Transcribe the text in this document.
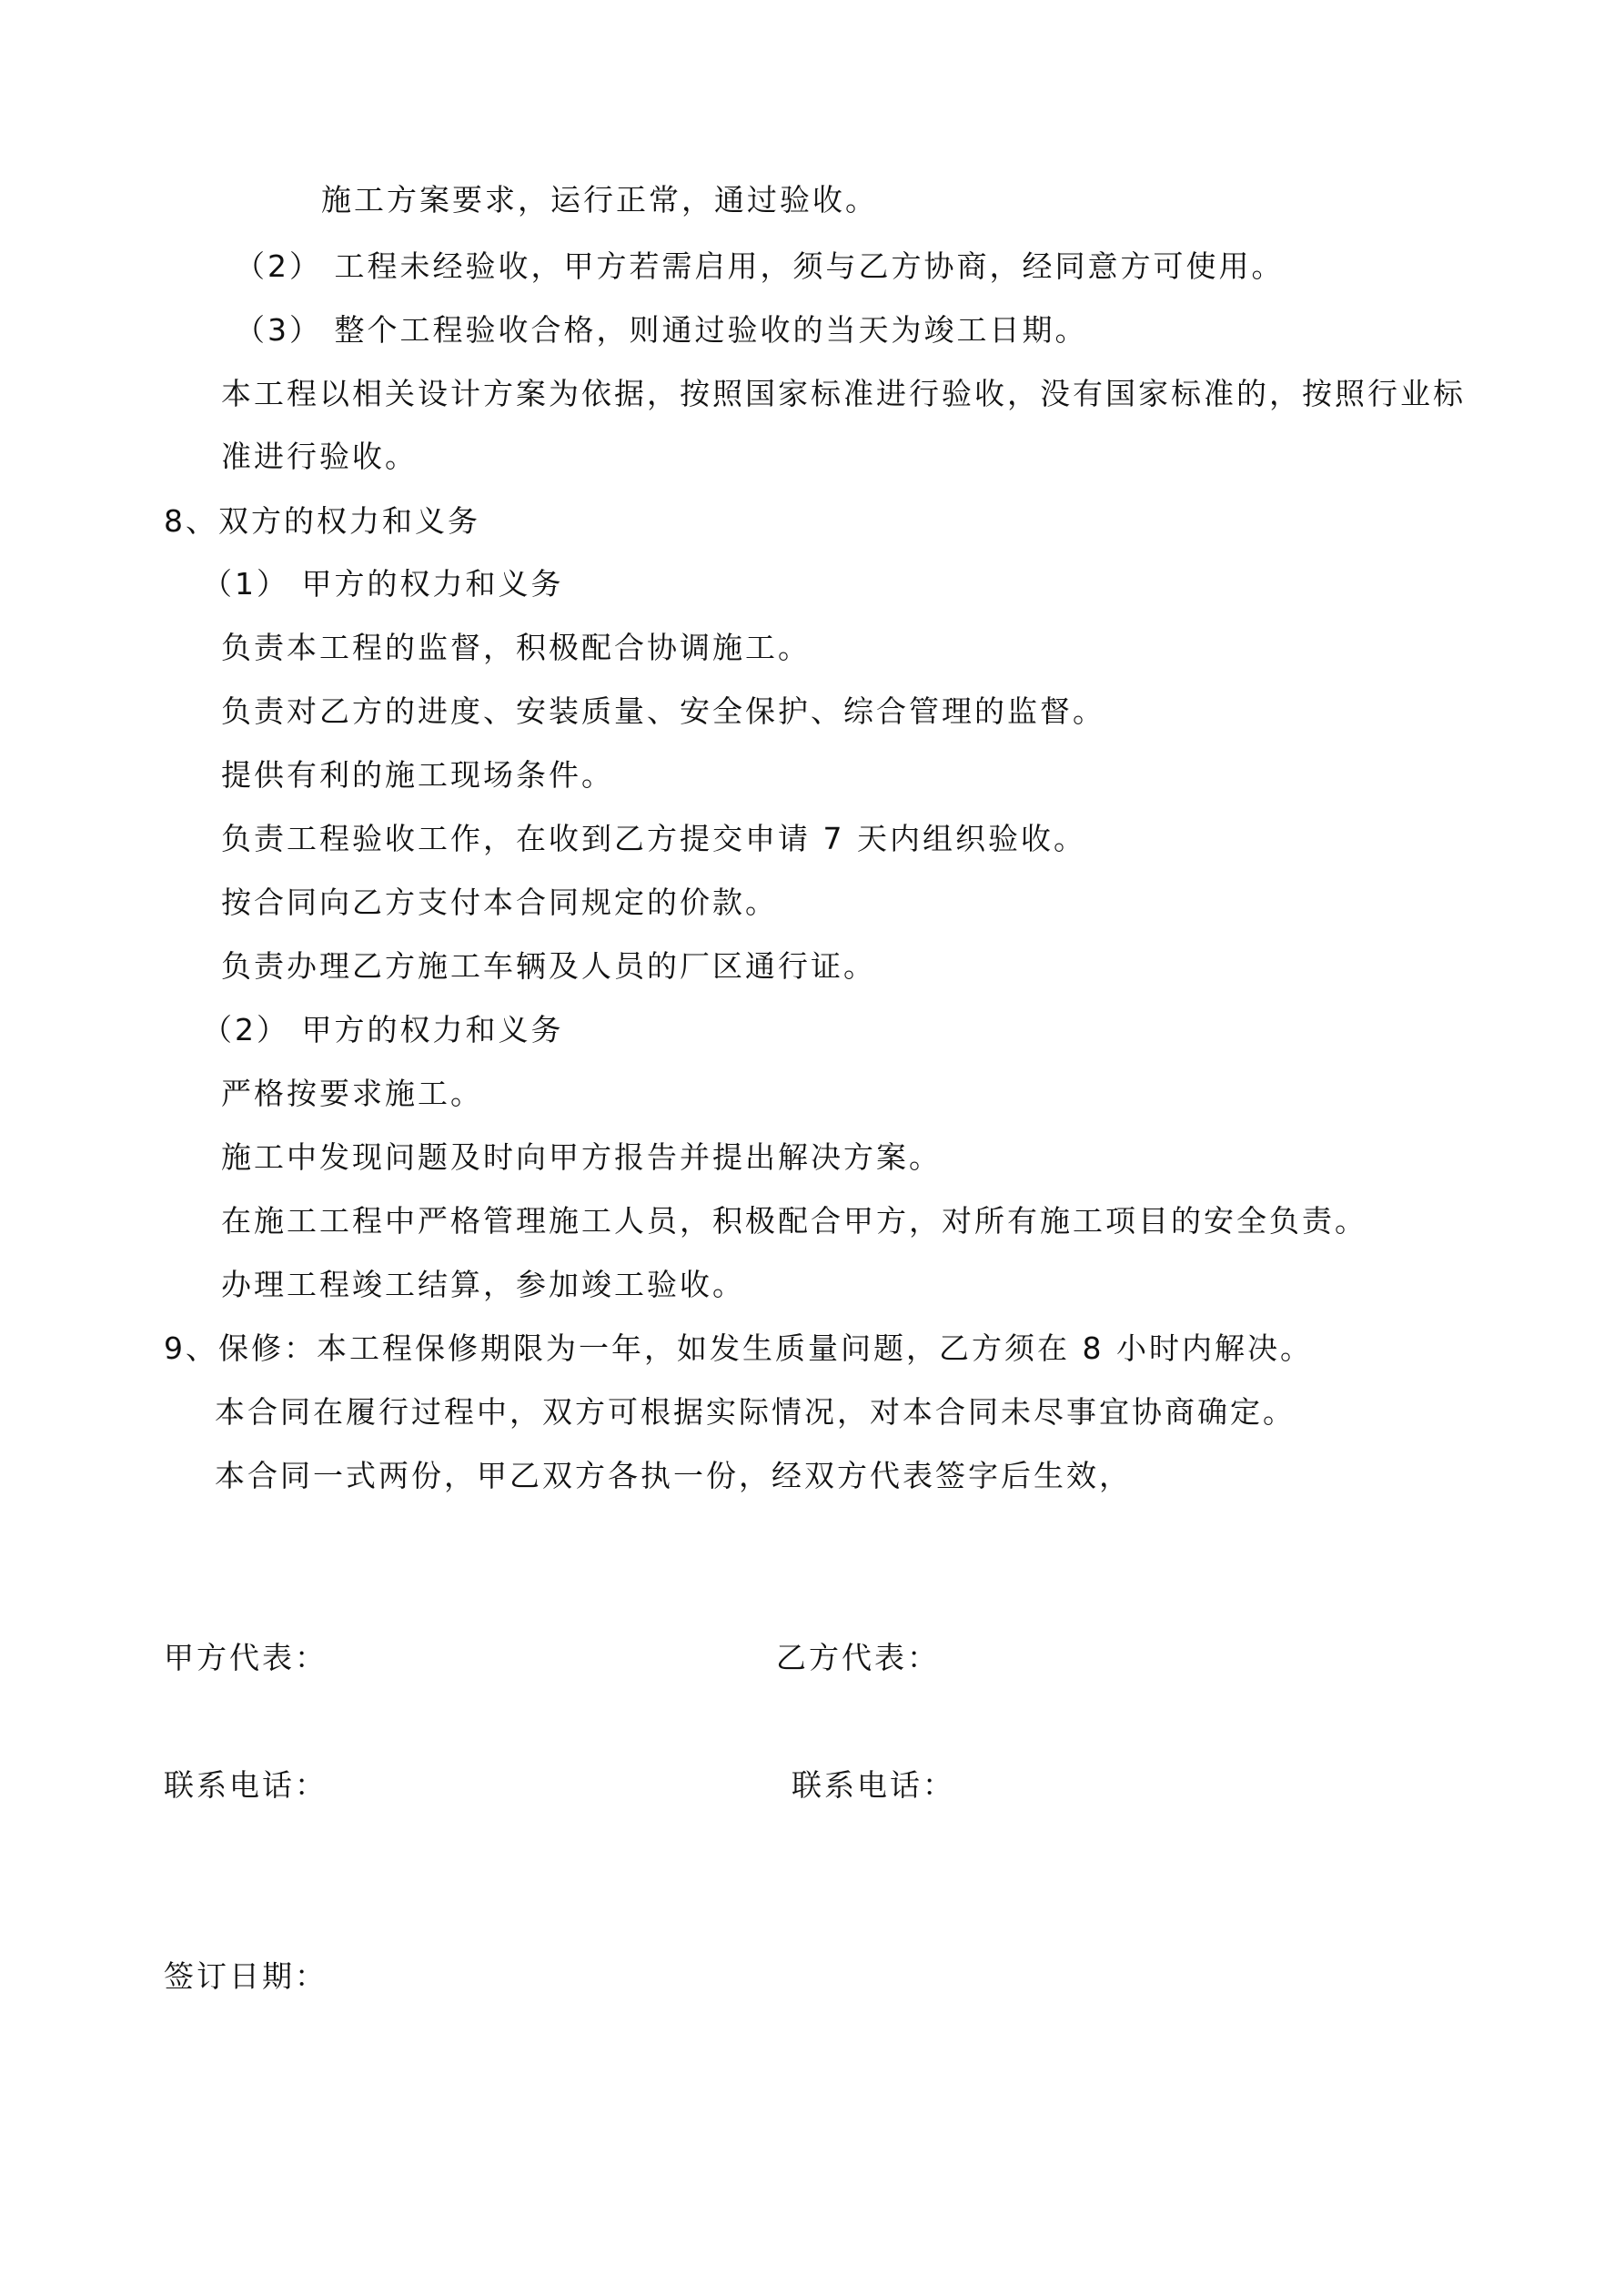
施工方案要求，运行正常，通过验收。

（2） 工程未经验收，甲方若需启用，须与乙方协商，经同意方可使用。

（3） 整个工程验收合格，则通过验收的当天为竣工日期。

本工程以相关设计方案为依据，按照国家标准进行验收，没有国家标准的，按照行业标

准进行验收。

8、双方的权力和义务

（1） 甲方的权力和义务

负责本工程的监督，积极配合协调施工。

负责对乙方的进度、安装质量、安全保护、综合管理的监督。

提供有利的施工现场条件。

负责工程验收工作，在收到乙方提交申请 7 天内组织验收。

按合同向乙方支付本合同规定的价款。

负责办理乙方施工车辆及人员的厂区通行证。

（2） 甲方的权力和义务

严格按要求施工。

施工中发现问题及时向甲方报告并提出解决方案。

在施工工程中严格管理施工人员，积极配合甲方，对所有施工项目的安全负责。

办理工程竣工结算，参加竣工验收。

9、保修：本工程保修期限为一年，如发生质量问题，乙方须在 8 小时内解决。

本合同在履行过程中，双方可根据实际情况，对本合同未尽事宜协商确定。

本合同一式两份，甲乙双方各执一份，经双方代表签字后生效，

甲方代表：	乙方代表：

联系电话：	联系电话：

签订日期：
